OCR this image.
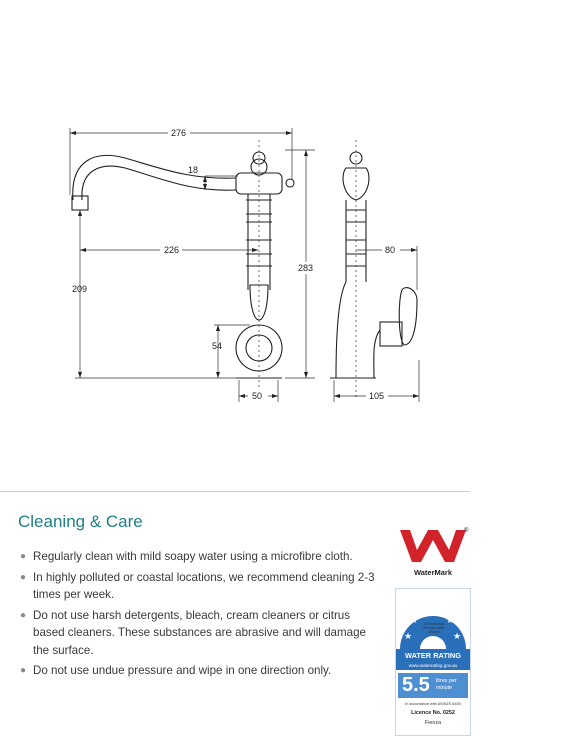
276
18
226
209
283
80
54
50	105
Cleaning & Care
● Regularly clean with mild soapy water using a microfibre cloth.
● In highly polluted or coastal locations, we recommend cleaning 2-3 times per week.
● Do not use harsh detergents, bleach, cream cleaners or citrus based cleaners. These substances are abrasive and will damage the surface.
● Do not use undue pressure and wipe in one direction only.
®
WaterMark
★
★
★
★
★
The more stars the more water efficient
WATER RATING
www.waterrating.gov.au
5.5 litres per minute
In accordance with AS/NZS 6400
Licence No. 0252
Fienza
